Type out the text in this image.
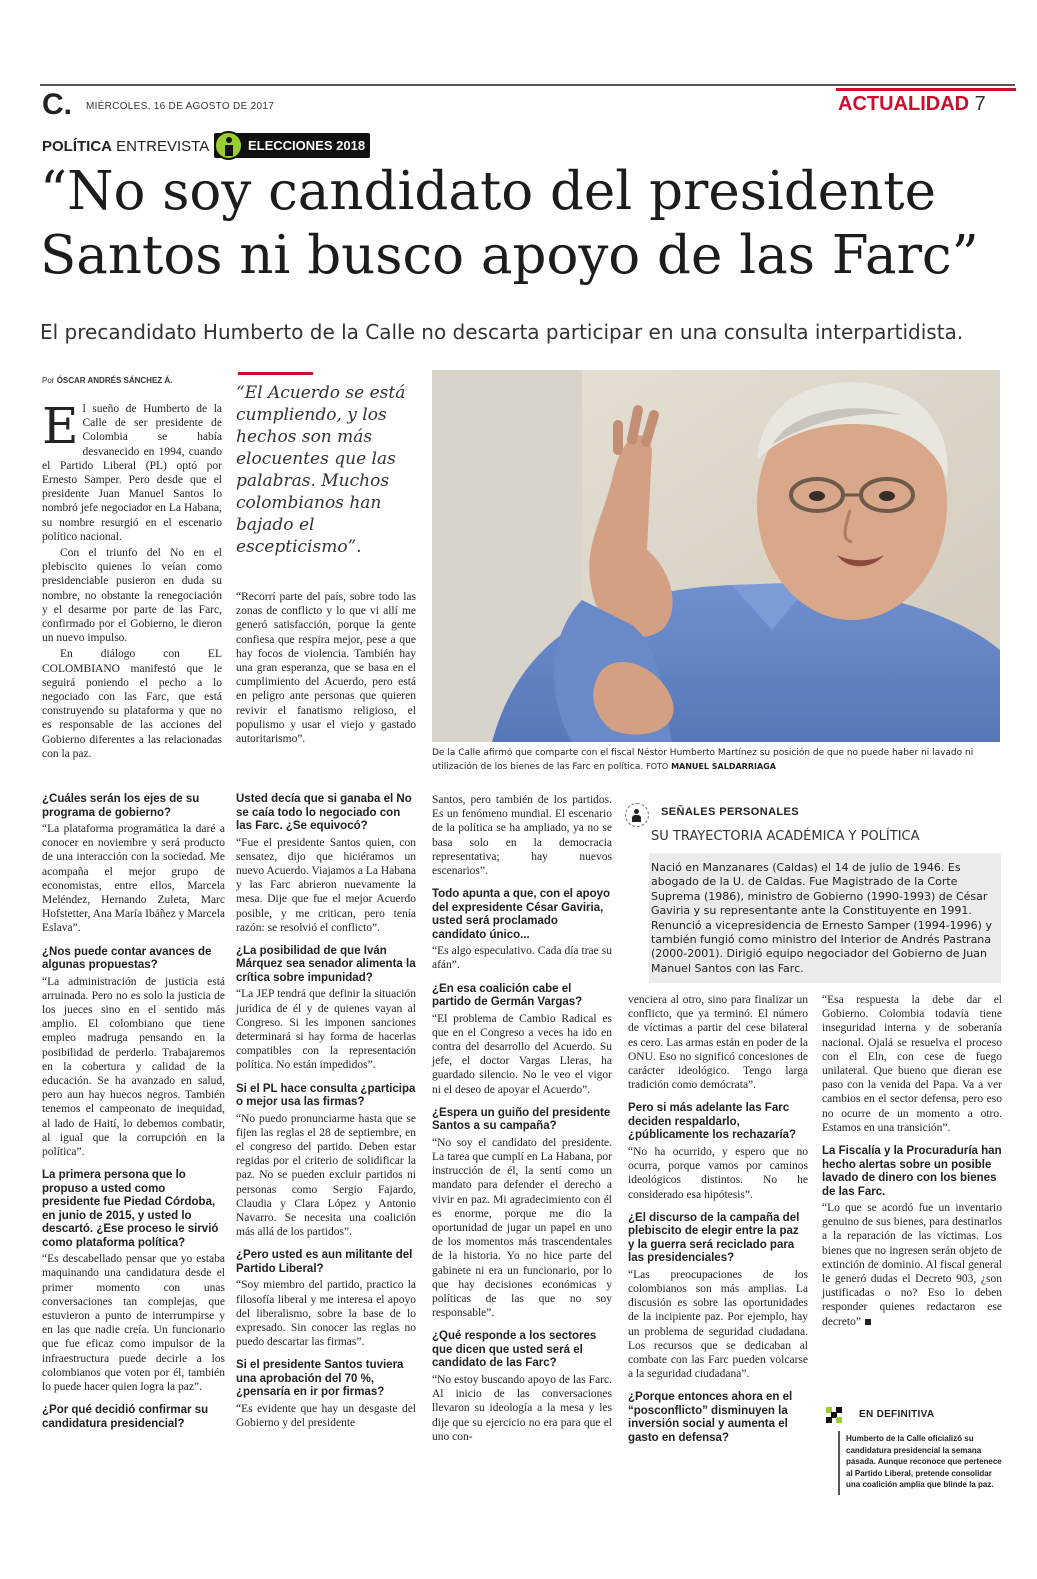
C. MIÉRCOLES, 16 DE AGOSTO DE 2017	ACTUALIDAD 7
POLÍTICA ENTREVISTA	ELECCIONES 2018
“No soy candidato del presidente
Santos ni busco apoyo de las Farc”
El precandidato Humberto de la Calle no descarta participar en una consulta interpartidista.
Por ÓSCAR ANDRÉS SÁNCHEZ Á.

El sueño de Humberto de la Calle de ser presidente de Colombia se había desvanecido en 1994, cuando el Partido Liberal (PL) optó por Ernesto Samper. Pero desde que el presidente Juan Manuel Santos lo nombró jefe negociador en La Habana, su nombre resurgió en el escenario político nacional.

Con el triunfo del No en el plebiscito quienes lo veían como presidenciable pusieron en duda su nombre, no obstante la renegociación y el desarme por parte de las Farc, confirmado por el Gobierno, le dieron un nuevo impulso.

En diálogo con EL COLOMBIANO manifestó que le seguirá poniendo el pecho a lo negociado con las Farc, que está construyendo su plataforma y que no es responsable de las acciones del Gobierno diferentes a las relacionadas con la paz.

“El Acuerdo se está cumpliendo, y los hechos son más elocuentes que las palabras. Muchos colombianos han bajado el escepticismo”.

“Recorrí parte del país, sobre todo las zonas de conflicto y lo que vi allí me generó satisfacción, porque la gente confiesa que respira mejor, pese a que hay focos de violencia. También hay una gran esperanza, que se basa en el cumplimiento del Acuerdo, pero está en peligro ante personas que quieren revivir el fanatismo religioso, el populismo y usar el viejo y gastado autoritarismo”.

De la Calle afirmó que comparte con el fiscal Néstor Humberto Martínez su posición de que no puede haber ni lavado ni utilización de los bienes de las Farc en política. FOTO MANUEL SALDARRIAGA

¿Cuáles serán los ejes de su programa de gobierno?

“La plataforma programática la daré a conocer en noviembre y será producto de una interacción con la sociedad. Me acompaña el mejor grupo de economistas, entre ellos, Marcela Meléndez, Hernando Zuleta, Marc Hofstetter, Ana María Ibáñez y Marcela Eslava”.

¿Nos puede contar avances de algunas propuestas?

“La administración de justicia está arruinada. Pero no es solo la justicia de los jueces sino en el sentido más amplio. El colombiano que tiene empleo madruga pensando en la posibilidad de perderlo. Trabajaremos en la cobertura y calidad de la educación. Se ha avanzado en salud, pero aun hay huecos negros. También tenemos el campeonato de inequidad, al lado de Haití, lo debemos combatir, al igual que la corrupción en la política”.

La primera persona que lo propuso a usted como presidente fue Piedad Córdoba, en junio de 2015, y usted lo descartó. ¿Ese proceso le sirvió como plataforma política?

“Es descabellado pensar que yo estaba maquinando una candidatura desde el primer momento con unas conversaciones tan complejas, que estuvieron a punto de interrumpirse y en las que nadie creía. Un funcionario que fue eficaz como impulsor de la infraestructura puede decirle a los colombianos que voten por él, también lo puede hacer quien logra la paz”.

¿Por qué decidió confirmar su candidatura presidencial?

Usted decía que si ganaba el No se caía todo lo negociado con las Farc. ¿Se equivocó?

“Fue el presidente Santos quien, con sensatez, dijo que hiciéramos un nuevo Acuerdo. Viajamos a La Habana y las Farc abrieron nuevamente la mesa. Dije que fue el mejor Acuerdo posible, y me critican, pero tenía razón: se resolvió el conflicto”.

¿La posibilidad de que Iván Márquez sea senador alimenta la crítica sobre impunidad?

“La JEP tendrá que definir la situación jurídica de él y de quienes vayan al Congreso. Si les imponen sanciones determinará si hay forma de hacerlas compatibles con la representación política. No están impedidos”.

Si el PL hace consulta ¿participa o mejor usa las firmas?

“No puedo pronunciarme hasta que se fijen las reglas el 28 de septiembre, en el congreso del partido. Deben estar regidas por el criterio de solidificar la paz. No se pueden excluir partidos ni personas como Sergio Fajardo, Claudia y Clara López y Antonio Navarro. Se necesita una coalición más allá de los partidos”.

¿Pero usted es aun militante del Partido Liberal?

“Soy miembro del partido, practico la filosofía liberal y me interesa el apoyo del liberalismo, sobre la base de lo expresado. Sin conocer las reglas no puedo descartar las firmas”.

Si el presidente Santos tuviera una aprobación del 70 %, ¿pensaría en ir por firmas?

“Es evidente que hay un desgaste del Gobierno y del presidente

Santos, pero también de los partidos. Es un fenómeno mundial. El escenario de la política se ha ampliado, ya no se basa solo en la democracia representativa; hay nuevos escenarios”.

Todo apunta a que, con el apoyo del expresidente César Gaviria, usted será proclamado candidato único...

“Es algo especulativo. Cada día trae su afán”.

¿En esa coalición cabe el partido de Germán Vargas?

“El problema de Cambio Radical es que en el Congreso a veces ha ido en contra del desarrollo del Acuerdo. Su jefe, el doctor Vargas Lleras, ha guardado silencio. No le veo el vigor ni el deseo de apoyar el Acuerdo”.

¿Espera un guiño del presidente Santos a su campaña?

“No soy el candidato del presidente. La tarea que cumplí en La Habana, por instrucción de él, la sentí como un mandato para defender el derecho a vivir en paz. Mi agradecimiento con él es enorme, porque me dio la oportunidad de jugar un papel en uno de los momentos más trascendentales de la historia. Yo no hice parte del gabinete ni era un funcionario, por lo que hay decisiones económicas y políticas de las que no soy responsable”.

¿Qué responde a los sectores que dicen que usted será el candidato de las Farc?

“No estoy buscando apoyo de las Farc. Al inicio de las conversaciones llevaron su ideología a la mesa y les dije que su ejercicio no era para que el uno con-

SEÑALES PERSONALES
SU TRAYECTORIA ACADÉMICA Y POLÍTICA
Nació en Manzanares (Caldas) el 14 de julio de 1946. Es abogado de la U. de Caldas. Fue Magistrado de la Corte Suprema (1986), ministro de Gobierno (1990-1993) de César Gaviria y su representante ante la Constituyente en 1991. Renunció a vicepresidencia de Ernesto Samper (1994-1996) y también fungió como ministro del Interior de Andrés Pastrana (2000-2001). Dirigió equipo negociador del Gobierno de Juan Manuel Santos con las Farc.

venciera al otro, sino para finalizar un conflicto, que ya terminó. El número de víctimas a partir del cese bilateral es cero. Las armas están en poder de la ONU. Eso no significó concesiones de carácter ideológico. Tengo larga tradición como demócrata”.

Pero si más adelante las Farc deciden respaldarlo, ¿públicamente los rechazaría?

“No ha ocurrido, y espero que no ocurra, porque vamos por caminos ideológicos distintos. No he considerado esa hipótesis”.

¿El discurso de la campaña del plebiscito de elegir entre la paz y la guerra será reciclado para las presidenciales?

“Las preocupaciones de los colombianos son más amplias. La discusión es sobre las oportunidades de la incipiente paz. Por ejemplo, hay un problema de seguridad ciudadana. Los recursos que se dedicaban al combate con las Farc pueden volcarse a la seguridad ciudadana”.

¿Porque entonces ahora en el “posconflicto” disminuyen la inversión social y aumenta el gasto en defensa?

“Esa respuesta la debe dar el Gobierno. Colombia todavía tiene inseguridad interna y de soberanía nacional. Ojalá se resuelva el proceso con el Eln, con cese de fuego unilateral. Que bueno que dieran ese paso con la venida del Papa. Va a ver cambios en el sector defensa, pero eso no ocurre de un momento a otro. Estamos en una transición”.

La Fiscalía y la Procuraduría han hecho alertas sobre un posible lavado de dinero con los bienes de las Farc.

“Lo que se acordó fue un inventario genuino de sus bienes, para destinarlos a la reparación de las víctimas. Los bienes que no ingresen serán objeto de extinción de dominio. Al fiscal general le generó dudas el Decreto 903, ¿son justificadas o no? Eso lo deben responder quienes redactaron ese decreto”

EN DEFINITIVA
Humberto de la Calle oficializó su candidatura presidencial la semana pasada. Aunque reconoce que pertenece al Partido Liberal, pretende consolidar una coalición amplia que blinde la paz.
